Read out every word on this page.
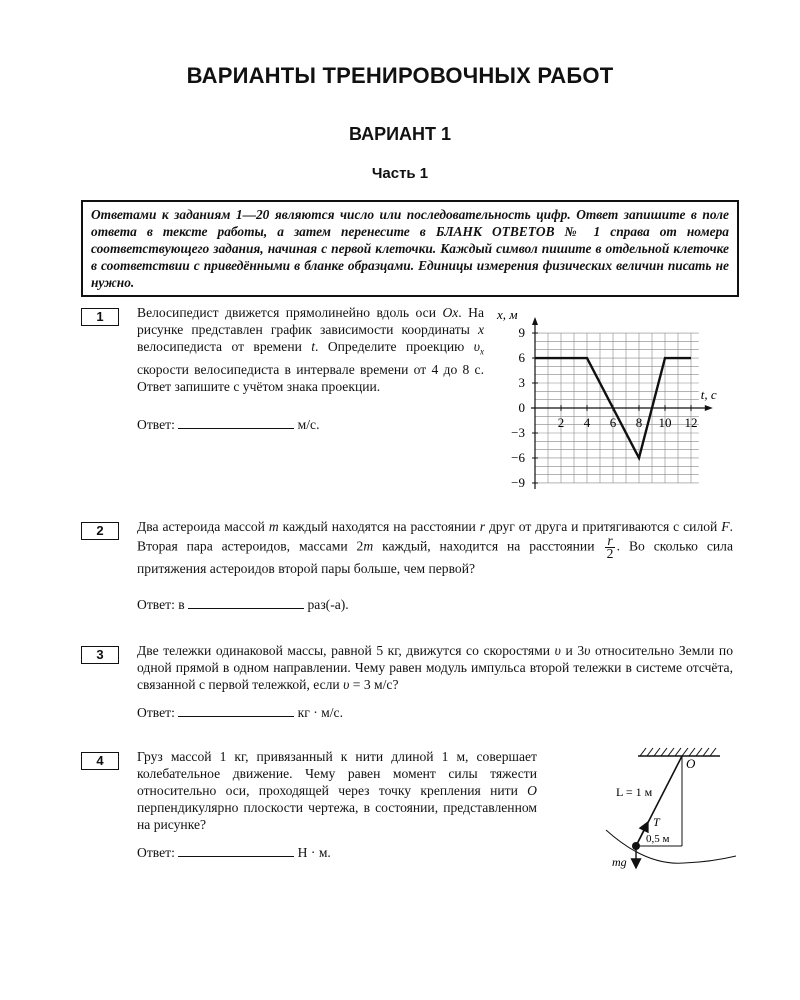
ВАРИАНТЫ ТРЕНИРОВОЧНЫХ РАБОТ
ВАРИАНТ 1
Часть 1
Ответами к заданиям 1—20 являются число или последовательность цифр. Ответ запишите в поле ответа в тексте работы, а затем перенесите в БЛАНК ОТВЕТОВ № 1 справа от номера соответствующего задания, начиная с первой клеточки. Каждый символ пишите в отдельной клеточке в соответствии с приведёнными в бланке образцами. Единицы измерения физических величин писать не нужно.
1	Велосипедист движется прямолинейно вдоль оси Ox. На рисунке представлен график зависимости координаты x велосипедиста от времени t. Определите проекцию $\upsilon_x$ скорости велосипедиста в интервале времени от 4 до 8 с. Ответ запишите с учётом знака проекции.
Ответ:	м/с.
9
6
3
0
−3
−6
−9
2 4 6 8 10 12
x, м
t, с
2	Два астероида массой m каждый находятся на расстоянии r друг от друга и притягиваются с силой F. Вторая пара астероидов, массами 2m каждый, находится на расстоянии $\frac{r}{2}$ . Во сколько сила притяжения астероидов второй пары больше, чем первой?
Ответ: в	раз(-а).
3	Две тележки одинаковой массы, равной 5 кг, движутся со скоростями υ и 3υ относительно Земли по одной прямой в одном направлении. Чему равен модуль импульса второй тележки в системе отсчёта, связанной с первой тележкой, если υ = 3 м/с?
Ответ:	кг · м/с.
4	Груз массой 1 кг, привязанный к нити длиной 1 м, совершает колебательное движение. Чему равен момент силы тяжести относительно оси, проходящей через точку крепления нити O перпендикулярно плоскости чертежа, в состоянии, представленном на рисунке?
Ответ:	Н · м.
O
L = 1 м
0,5 м
T
mg
